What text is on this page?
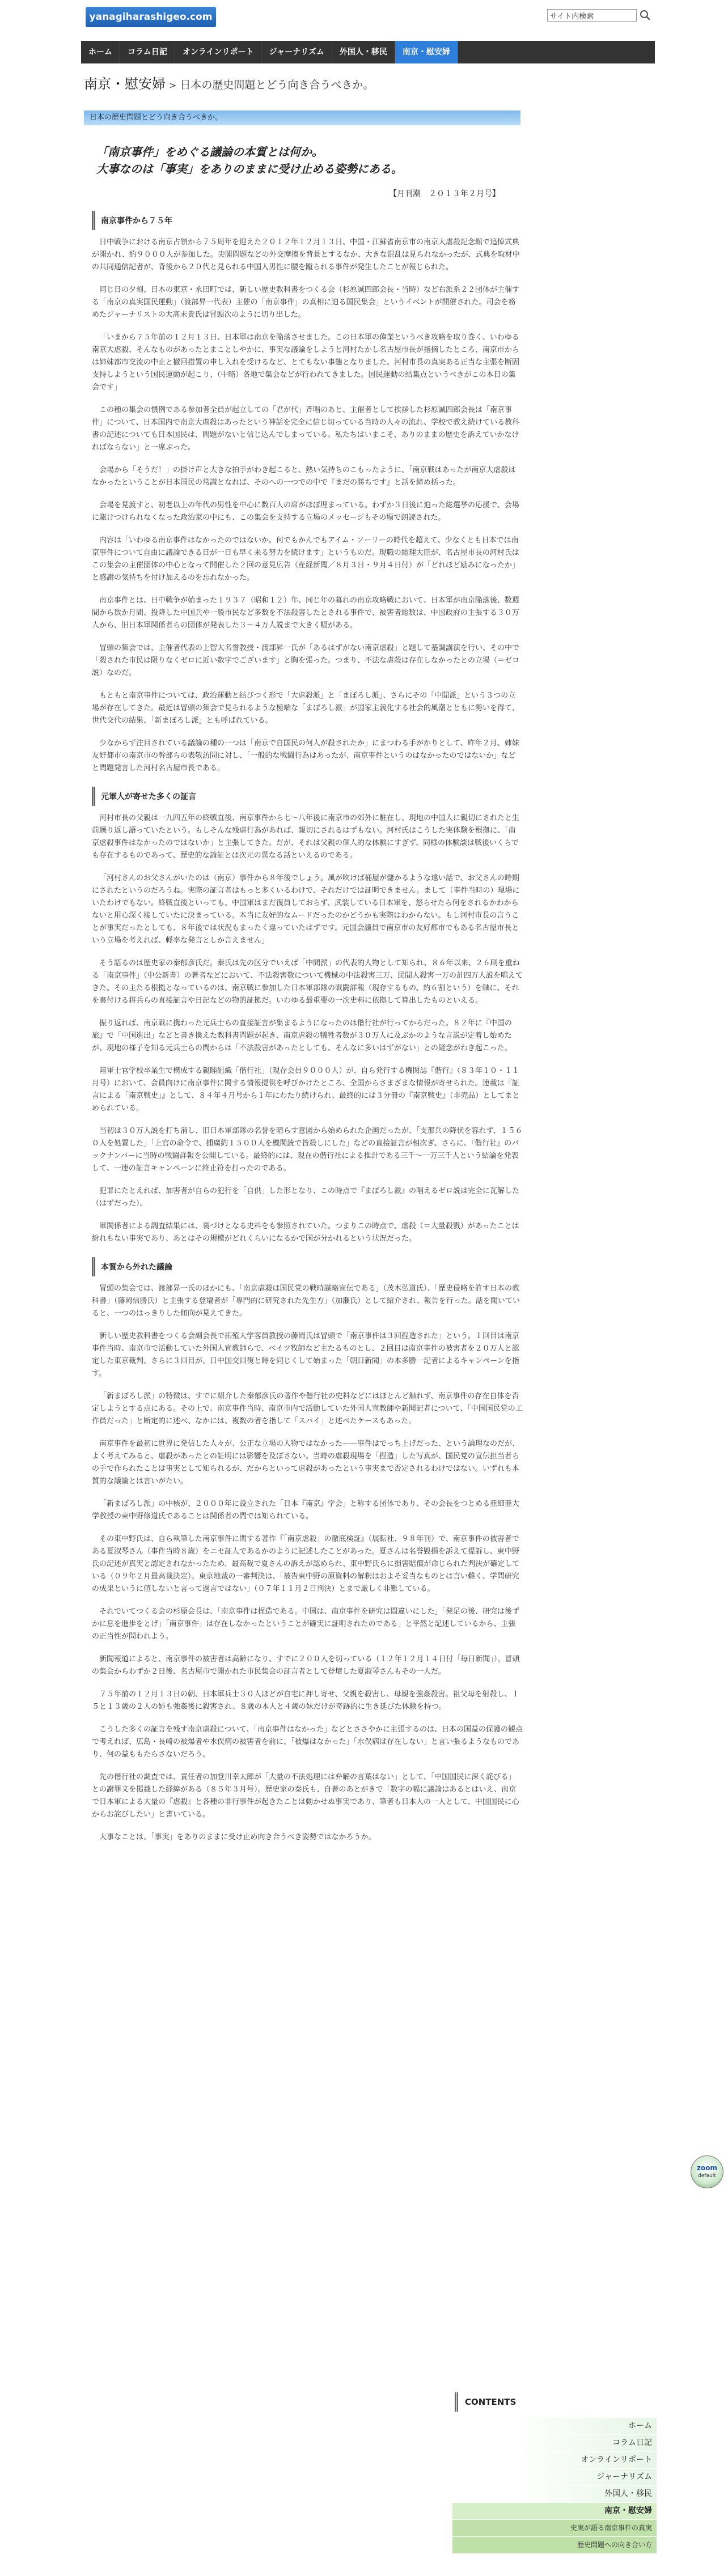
yanagiharashigeo.com
サイト内検索
ホーム	コラム日記	オンラインリポート	ジャーナリズム	外国人・移民	南京・慰安婦
南京・慰安婦 > 日本の歴史問題とどう向き合うべきか。
日本の歴史問題とどう向き合うべきか。
「南京事件」をめぐる議論の本質とは何か。
大事なのは「事実」をありのままに受け止める姿勢にある。
【月刊潮　２０１３年２月号】
南京事件から７５年

日中戦争における南京占領から７５周年を迎えた２０１２年１２月１３日、中国・江蘇省南京市の南京大虐殺記念館で追悼式典が開かれ、約９０００人が参加した。尖閣問題などの外交摩擦を背景とするなか、大きな混乱は見られなかったが、式典を取材中の共同通信記者が、背後から２０代と見られる中国人男性に腰を蹴られる事件が発生したことが報じられた。

同じ日の夕刻、日本の東京・永田町では、新しい歴史教科書をつくる会（杉原誠四郎会長・当時）など右派系２２団体が主催する「南京の真実国民運動」（渡部昇一代表）主催の「南京事件」の真相に迫る国民集会」というイベントが開催された。司会を務めたジャーナリストの大高未貴氏は冒頭次のように切り出した。

「いまから７５年前の１２月１３日、日本軍は南京を陥落させました。この日本軍の偉業というべき攻略を取り巻く、いわゆる南京大虐殺、そんなものがあったとまことしやかに、事実な議論をしようと河村たかし名古屋市長が指摘したところ、南京市からは姉妹都市交流の中止と撤回措置の申し入れを受けるなど、とてもない事態となりました。河村市長の真実ある正当な主張を断固支持しようという国民運動が起こり、（中略）各地で集会などが行われてきました。国民運動の結集点というべきがこの本日の集会です」

この種の集会の慣例である参加者全員が起立しての「君が代」斉唱のあと、主催者として挨拶した杉原誠四郎会長は「南京事件」について、日本国内で南京大虐殺はあったという神話を完全に信じ切っている当時の人々の流れ、学校で教え続けている教科書の記述についても日本国民は、問題がないと信じ込んでしまっている。私たちはいまこそ、ありのままの歴史を訴えていかなければならない」と一席ぶった。

会場から「そうだ！」の掛け声と大きな拍手がわき起こると、熱い気持ちのこもったように、「南京戦はあったが南京大虐殺はなかったということが日本国民の常識となれば、そのへの一つでの中で『まだの勝ちです』と話を締め括った。

会場を見渡すと、初老以上の年代の男性を中心に数百人の席がほぼ埋まっている。わずか３日後に迫った総選挙の応援で、会場に駆けつけられなくなった政治家の中にも、この集会を支持する立場のメッセージもその場で朗読された。

内容は「いわゆる南京事件はなかったのではないか。何でもかんでもアイム・ソーリーの時代を超えて、少なくとも日本では南京事件について自由に議論できる日が一日も早く来る努力を続けます」というものだ。現職の総理大臣が、名古屋市長の河村氏はこの集会の主催団体の中心となって開催した２回の意見広告（産経新聞／８月３日・９月４日付）が「どれほど励みになったか」と感謝の気持ちを付け加えるのを忘れなかった。

南京事件とは、日中戦争が始まった１９３７（昭和１２）年、同じ年の暮れの南京攻略戦において、日本軍が南京陥落後、数週間から数か月間、投降した中国兵や一般市民など多数を不法殺害したとされる事件で、被害者総数は、中国政府の主張する３０万人から、旧日本軍関係者らの団体が発表した３〜４万人説まで大きく幅がある。

冒頭の集会では、主催者代表の上智大名誉教授・渡部昇一氏が「あるはずがない南京虐殺」と題して基調講演を行い、その中で「殺された市民は限りなくゼロに近い数字でございます」と胸を張った。つまり、不法な虐殺は存在しなかったとの立場（＝ゼロ説）なのだ。

もともと南京事件については、政治運動と結びつく形で「大虐殺派」と「まぼろし派」、さらにその「中間派」という３つの立場が存在してきた。最近は冒頭の集会で見られるような極端な「まぼろし派」が国家主義化する社会的風潮とともに勢いを得て、世代交代の結果、「新まぼろし派」とも呼ばれている。

少なからず注目されている議論の種の一つは「南京で自国民の何人が殺されたか」にまつわる手がかりとして、昨年２月、姉妹友好都市の南京市の幹部らの表敬訪問に対し、「一般的な戦闘行為はあったが、南京事件というのはなかったのではないか」などと問題発言した河村名古屋市長である。

元軍人が寄せた多くの証言

河村市長の父親は一九四五年の終戦直後、南京事件から七〜八年後に南京市の郊外に駐在し、現地の中国人に親切にされたと生前繰り返し語っていたという。もしそんな残虐行為があれば、親切にされるはずもない。河村氏はこうした実体験を根拠に、「南京虐殺事件はなかったのではないか」と主張してきた。だが、それは父親の個人的な体験にすぎず、同様の体験談は戦後いくらでも存在するものであって、歴史的な論証とは次元の異なる話といえるのである。

「河村さんのお父さんがいたのは（南京）事件から８年後でしょう。風が吹けば桶屋が儲かるような遠い話で、お父さんの時期にされたというのだろうね。実際の証言者はもっと多くいるわけで、それだけでは証明できません。まして（事件当時の）現場にいたわけでもない。終戦直後といっても、中国軍はまだ復員しておらず、武装している日本軍を、怒らせたら何をされるかわからないと用心深く接していたに決まっている。本当に友好的なムードだったのかどうかも実際はわからない。もし河村市長の言うことが事実だったとしても、８年後では状況もまったく違っていたはずです。元国会議員で南京市の友好都市でもある名古屋市長という立場を考えれば、軽率な発言としか言えません」

そう語るのは歴史家の秦郁彦氏だ。秦氏は先の区分でいえば「中間派」の代表的人物として知られ、８６年以来、２６刷を重ねる「南京事件」（中公新書）の著者などにおいて、不法殺害数について機械の中法殺害三万、民間人殺害一万の計四万人説を唱えてきた。その主たる根拠となっているのは、南京戦に参加した日本軍部隊の戦闘詳報（現存するもの、約６割という）を軸に、それを裏付ける将兵らの直接証言や日記などの物的証拠だ。いわゆる最重要の一次史料に依拠して算出したものといえる。

振り返れば、南京戦に携わった元兵士らの直接証言が集まるようになったのは偕行社が行ってからだった。８２年に『中国の旅』で「中国進出」などと書き換えた教科書問題が起き、南京虐殺の犠牲者数が３０万人に及ぶかのような言説が定着し始めたが、現地の様子を知る元兵士らの間からは「不法殺害があったとしても、そんなに多いはずがない」との疑念がわき起こった。

陸軍士官学校卒業生で構成する親睦組織「偕行社」（現存会員９０００人）が、自ら発行する機関誌『偕行』（８３年１０・１１月号）において、会員向けに南京事件に関する情報提供を呼びかけたところ、全国からさまざまな情報が寄せられた。連載は『証言による「南京戦史」』として、８４年４月号から１年にわたり続けられ、最終的には３分冊の『南京戦史』（非売品）としてまとめられている。

当初は３０万人説を打ち消し、旧日本軍部隊の名誉を晴らす意図から始められた企画だったが、「支那兵の降伏を容れず、１５６０人を処置した」「上官の命令で、捕虜約１５００人を機関銃で皆殺しにした」などの直接証言が相次ぎ、さらに、『偕行社』のバックナンバーに当時の戦闘詳報を公開している。最終的には、現在の偕行社による推計である三千〜一万三千人という結論を発表して、一連の証言キャンペーンに終止符を打ったのである。

犯罪にたとえれば、加害者が自らの犯行を「自供」した形となり、この時点で『まぼろし派』の唱えるゼロ説は完全に瓦解した（はずだった）。

軍関係者による調査結果には、裏づけとなる史料をも参照されていた。つまりこの時点で、虐殺（＝大量殺戮）があったことは紛れもない事実であり、あとはその規模がどれくらいになるかで国が分かれるという状況だった。

本質から外れた議論

冒頭の集会では、渡部昇一氏のほかにも、「南京虐殺は国民党の戦時謀略宣伝である」（茂木弘道氏）、「歴史侵略を許す日本の教科書」（藤岡信勝氏）と主張する登壇者が「専門的に研究された先生方」（加瀬氏）として紹介され、報告を行った。話を聞いていると、一つのはっきりした傾向が見えてきた。

新しい歴史教科書をつくる会副会長で拓殖大学客員教授の藤岡氏は冒頭で「南京事件は３回捏造された」という。１回目は南京事件当時、南京市で活動していた外国人宣教師らで、ベイツ牧師など主たるものとし、２回目は南京事件の被害者を２０万人と認定した東京裁判、さらに３回目が、日中国交回復と時を同じくして始まった「朝日新聞」の本多勝一記者によるキャンペーンを指す。

「新まぼろし派」の特徴は、すでに紹介した秦郁彦氏の著作や偕行社の史料などにはほとんど触れず、南京事件の存在自体を否定しようとする点にある。その上で、南京事件当時、南京市内で活動していた外国人宣教師や新聞記者について、「中国国民党の工作員だった」と断定的に述べ、なかには、複数の者を指して「スパイ」と述べたケースもあった。

南京事件を最初に世界に発信した人々が、公正な立場の人物ではなかった——事件はでっち上げだった、という論理なのだが、よく考えてみると、虐殺があったとの証明には影響を及ぼさない。当時の虐殺現場を「捏造」した写真が、国民党の宣伝担当者らの手で作られたことは事実として知られるが、だからといって虐殺があったという事実まで否定されるわけではない。いずれも本質的な議論とは言いがたい。

「新まぼろし派」の中核が、２０００年に設立された「日本『南京』学会」と称する団体であり、その会長をつとめる亜細亜大学教授の東中野修道氏であることは関係者の間では知られている。

その東中野氏は、自ら執筆した南京事件に関する著作『「南京虐殺」の徹底検証』（展転社、９８年刊）で、南京事件の被害者である夏淑琴さん（事件当時８歳）をニセ証人であるかのように記述したことがあった。夏さんは名誉毀損を訴えて提訴し、東中野氏の記述が真実と認定されなかったため、最高裁で夏さんの訴えが認められ、東中野氏らに損害賠償が命じられた判決が確定している（０９年２月最高裁決定）。東京地裁の一審判決は、「被告東中野の原資料の解釈はおよそ妥当なものとは言い難く、学問研究の成果というに値しないと言って過言ではない」（０７年１１月２日判決）とまで厳しく非難している。

それでいてつくる会の杉原会長は、「南京事件は捏造である。中国は、南京事件を研究は間違いにした」「発足の後、研究は後ずかに息を進歩をとげ」「南京事件」は存在しなかったということが確実に証明されたのである」と平然と記述しているから、主張の正当性が問われよう。

新聞報道によると、南京事件の被害者は高齢になり、すでに２００人を切っている（１２年１２月１４日付「毎日新聞」）。冒頭の集会からわずか２日後、名古屋市で開かれた市民集会の証言者として登壇した夏淑琴さんもその一人だ。

７５年前の１２月１３日の朝、日本軍兵士３０人ほどが自宅に押し寄せ、父親を殺害し、母親を強姦殺害。祖父母を射殺し、１５と１３歳の２人の姉も強姦後に殺害され、８歳の本人と４歳の妹だけが奇跡的に生き延びた体験を持つ。

こうした多くの証言を残す南京虐殺について、「南京事件はなかった」などとささやかに主張するのは、日本の国益の保護の観点で考えれば、広島・長崎の被爆者や水俣病の被害者を前に、「被爆はなかった」「水俣病は存在しない」と言い張るようなものであり、何の益ももたらさないだろう。

先の偕行社の調査では、責任者の加登川幸太郎が「大量の不法処理には弁解の言葉はない」として、「中国国民に深く詫びる」との謝罪文を掲載した経緯がある（８５年３月号）。歴史家の秦氏も、自著のあとがきで「数字の幅に議論はあるとはいえ、南京で日本軍による大量の『虐殺』と各種の非行事件が起きたことは動かせぬ事実であり、筆者も日本人の一人として、中国国民に心からお詫びしたい」と書いている。

大事なことは、「事実」をありのままに受け止め向き合うべき姿勢ではなかろうか。

CONTENTS
ホーム
コラム日記
オンラインリポート
ジャーナリズム
外国人・移民
南京・慰安婦
史実が語る南京事件の真実
歴史問題への向き合い方
zoom
default
